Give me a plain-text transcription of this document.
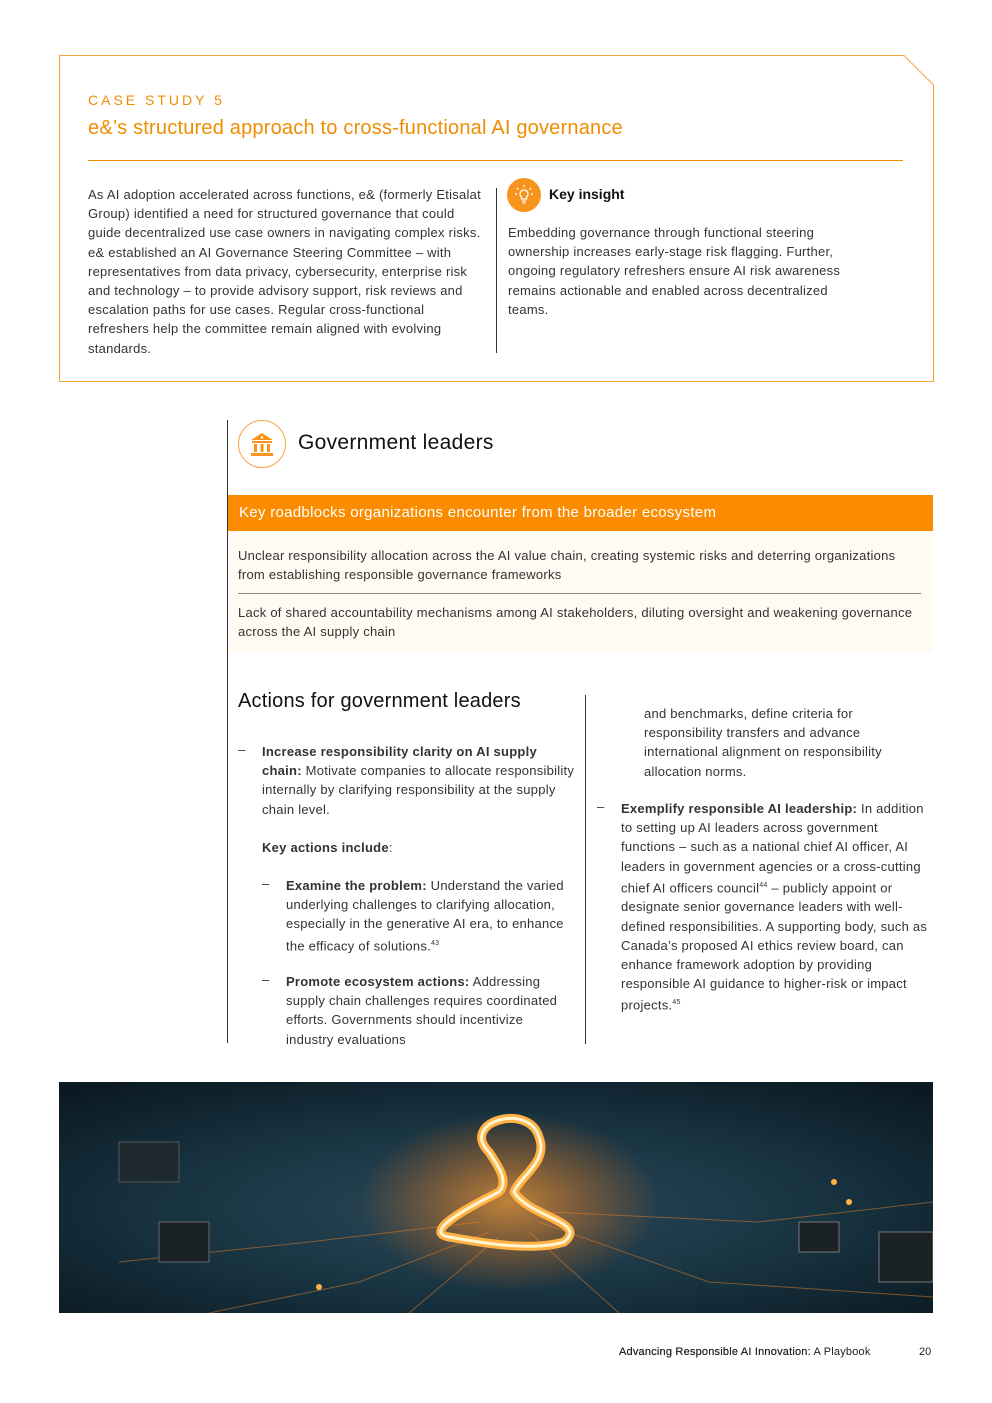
CASE STUDY 5
e&’s structured approach to cross-functional AI governance

As AI adoption accelerated across functions, e& (formerly Etisalat Group) identified a need for structured governance that could guide decentralized use case owners in navigating complex risks. e& established an AI Governance Steering Committee – with representatives from data privacy, cybersecurity, enterprise risk and technology – to provide advisory support, risk reviews and escalation paths for use cases. Regular cross-functional refreshers help the committee remain aligned with evolving standards.

Key insight

Embedding governance through functional steering ownership increases early-stage risk flagging. Further, ongoing regulatory refreshers ensure AI risk awareness remains actionable and enabled across decentralized teams.

Government leaders
Key roadblocks organizations encounter from the broader ecosystem

Unclear responsibility allocation across the AI value chain, creating systemic risks and deterring organizations from establishing responsible governance frameworks

Lack of shared accountability mechanisms among AI stakeholders, diluting oversight and weakening governance across the AI supply chain

Actions for government leaders
– Increase responsibility clarity on AI supply chain: Motivate companies to allocate responsibility internally by clarifying responsibility at the supply chain level.

Key actions include:

– Examine the problem: Understand the varied underlying challenges to clarifying allocation, especially in the generative AI era, to enhance the efficacy of solutions.$^{43}$

– Promote ecosystem actions: Addressing supply chain challenges requires coordinated efforts. Governments should incentivize industry evaluations

and benchmarks, define criteria for responsibility transfers and advance international alignment on responsibility allocation norms.

– Exemplify responsible AI leadership: In addition to setting up AI leaders across government functions – such as a national chief AI officer, AI leaders in government agencies or a cross-cutting chief AI officers council$^{44}$ – publicly appoint or designate senior governance leaders with well-defined responsibilities. A supporting body, such as Canada’s proposed AI ethics review board, can enhance framework adoption by providing responsible AI guidance to higher-risk or impact projects.$^{45}$

Advancing Responsible AI Innovation: A Playbook	20
